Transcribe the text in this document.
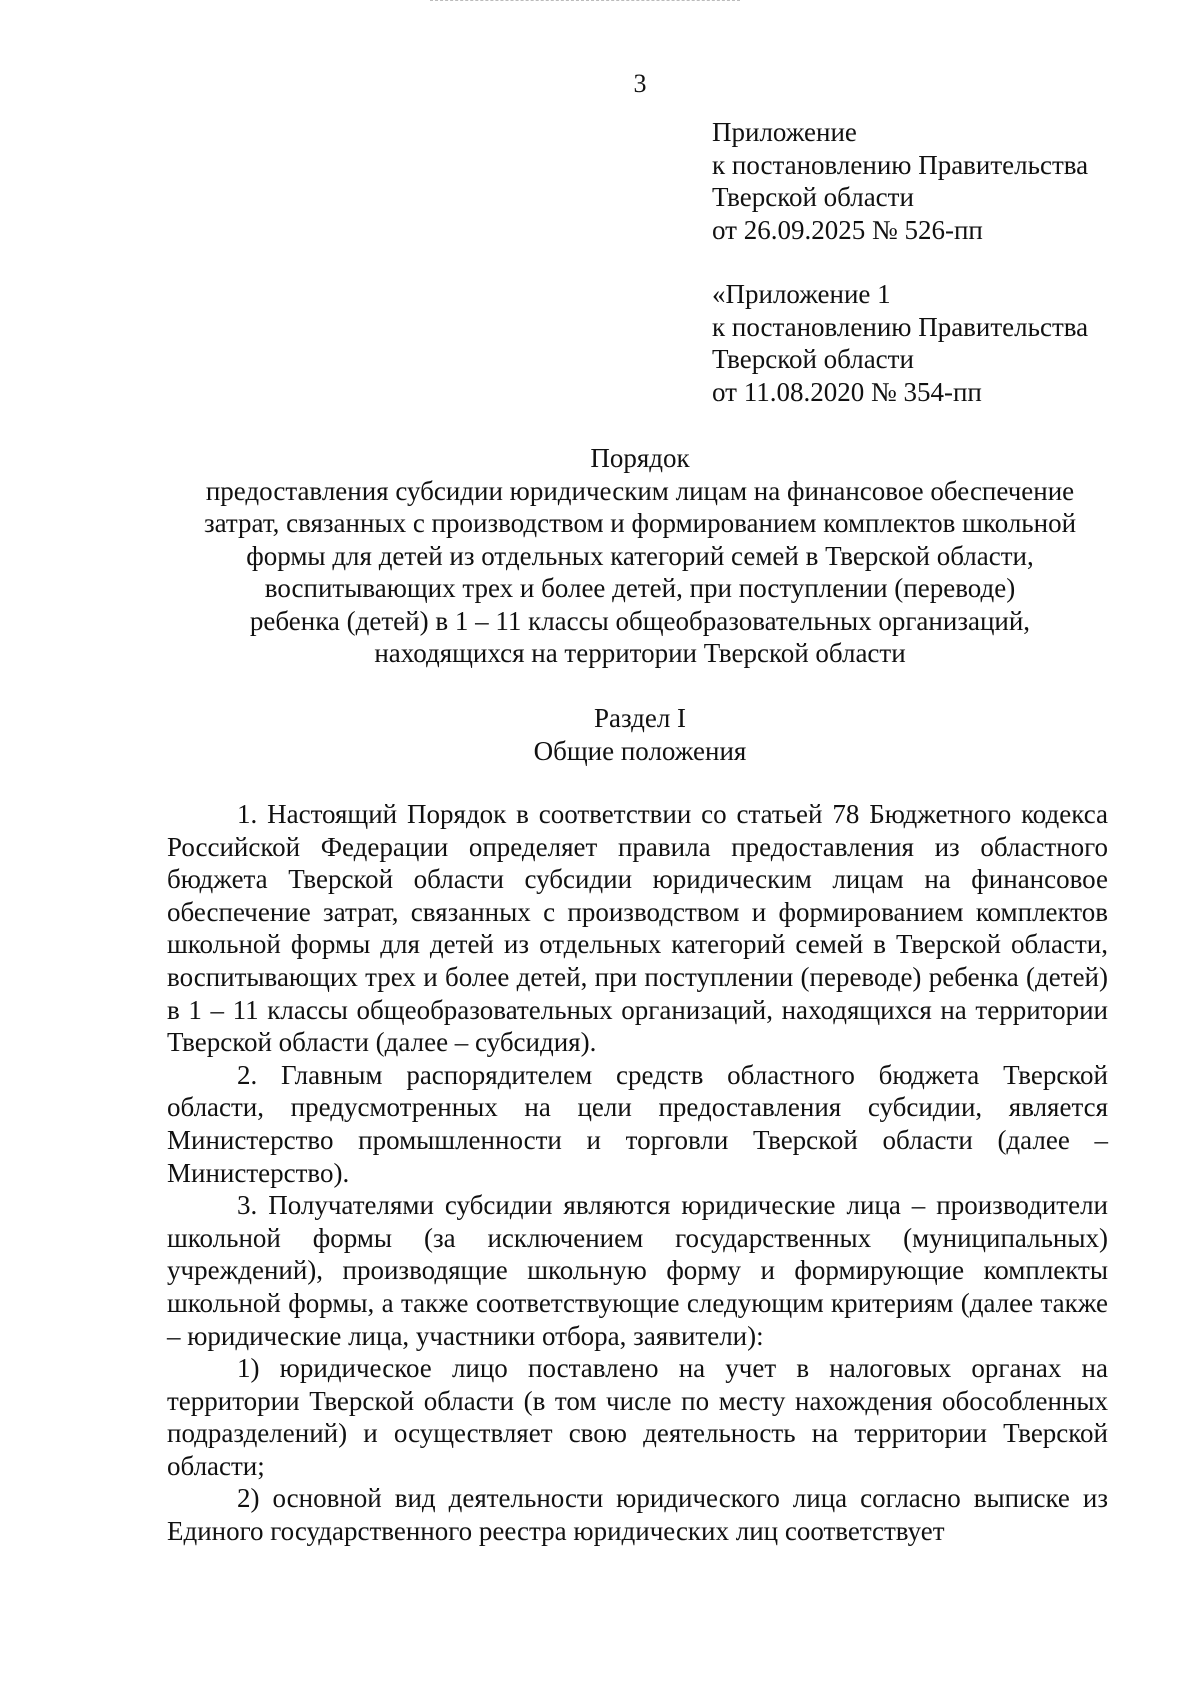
3
Приложение
к постановлению Правительства
Тверской области
от 26.09.2025 № 526-пп
«Приложение 1
к постановлению Правительства
Тверской области
от 11.08.2020 № 354-пп
Порядок
предоставления субсидии юридическим лицам на финансовое обеспечение
затрат, связанных с производством и формированием комплектов школьной
формы для детей из отдельных категорий семей в Тверской области,
воспитывающих трех и более детей, при поступлении (переводе)
ребенка (детей) в 1 – 11 классы общеобразовательных организаций,
находящихся на территории Тверской области
Раздел I
Общие положения

1. Настоящий Порядок в соответствии со статьей 78 Бюджетного кодекса Российской Федерации определяет правила предоставления из областного бюджета Тверской области субсидии юридическим лицам на финансовое обеспечение затрат, связанных с производством и формированием комплектов школьной формы для детей из отдельных категорий семей в Тверской области, воспитывающих трех и более детей, при поступлении (переводе) ребенка (детей) в 1 – 11 классы общеобразовательных организаций, находящихся на территории Тверской области (далее – субсидия).

2. Главным распорядителем средств областного бюджета Тверской области, предусмотренных на цели предоставления субсидии, является Министерство промышленности и торговли Тверской области (далее – Министерство).

3. Получателями субсидии являются юридические лица – производители школьной формы (за исключением государственных (муниципальных) учреждений), производящие школьную форму и формирующие комплекты школьной формы, а также соответствующие следующим критериям (далее также – юридические лица, участники отбора, заявители):

1) юридическое лицо поставлено на учет в налоговых органах на территории Тверской области (в том числе по месту нахождения обособленных подразделений) и осуществляет свою деятельность на территории Тверской области;

2) основной вид деятельности юридического лица согласно выписке из Единого государственного реестра юридических лиц соответствует
